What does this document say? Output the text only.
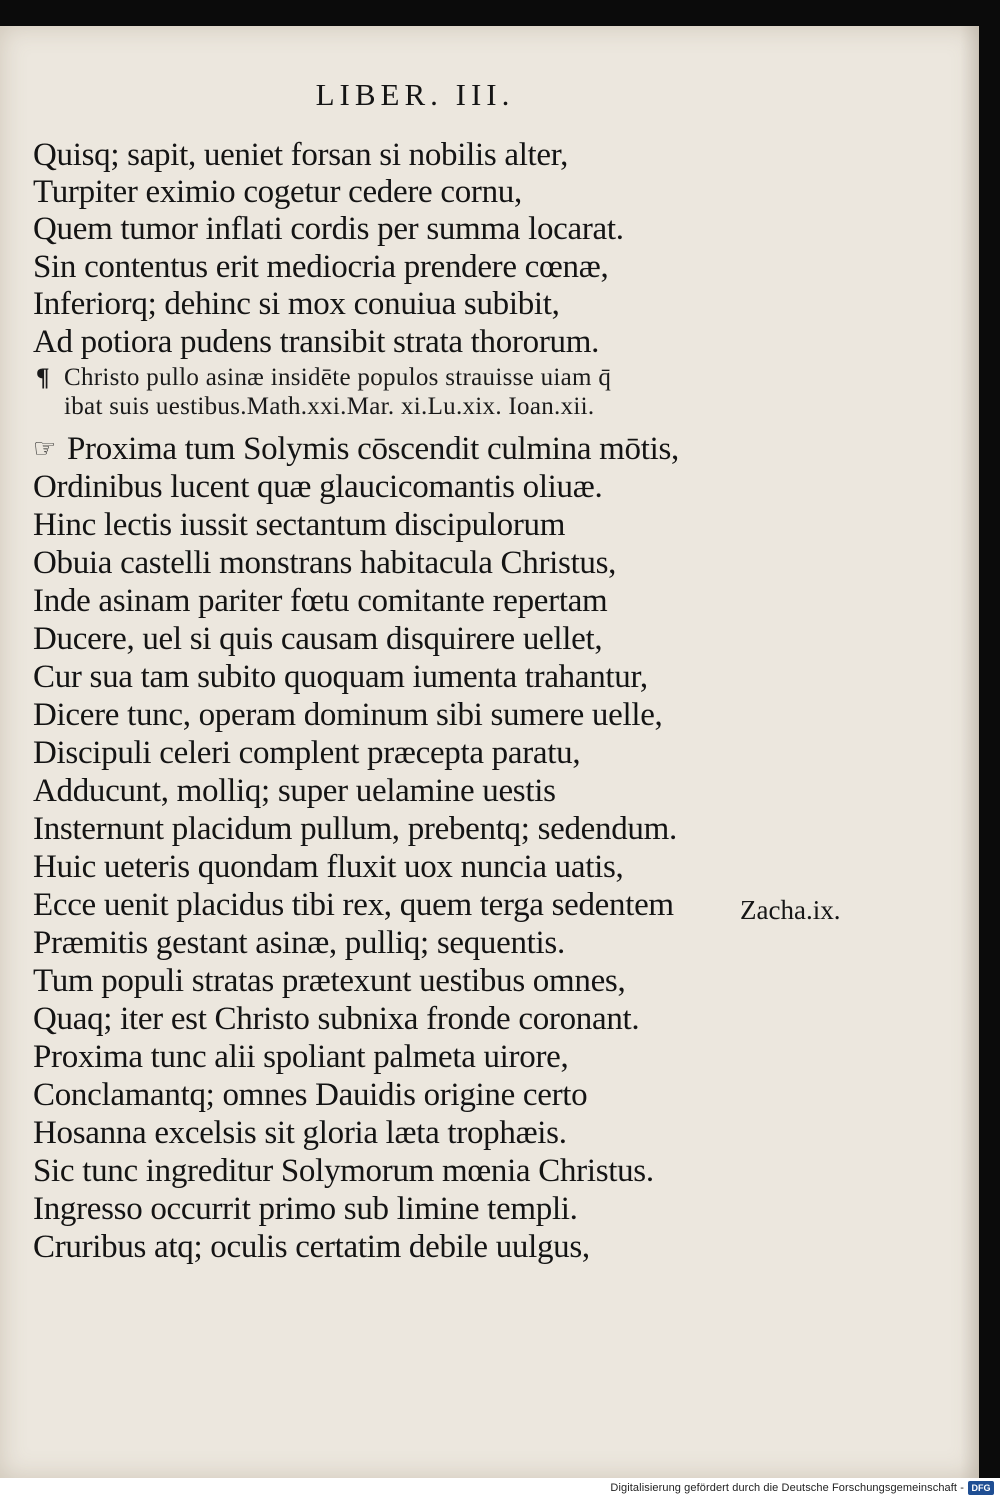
LIBER. III.
Quisq; sapit, ueniet forsan si nobilis alter,
Turpiter eximio cogetur cedere cornu,
Quem tumor inflati cordis per summa locarat.
Sin contentus erit mediocria prendere cœnæ,
Inferiorq; dehinc si mox conuiua subibit,
Ad potiora pudens transibit strata thororum.
¶ Christo pullo asinæ insidēte populos strauisse uiam q̄
ibat suis uestibus.Math.xxi.Mar. xi.Lu.xix. Ioan.xii.
☞ Proxima tum Solymis cōscendit culmina mōtis,
Ordinibus lucent quæ glaucicomantis oliuæ.
Hinc lectis iussit sectantum discipulorum
Obuia castelli monstrans habitacula Christus,
Inde asinam pariter fœtu comitante repertam
Ducere, uel si quis causam disquirere uellet,
Cur sua tam subito quoquam iumenta trahantur,
Dicere tunc, operam dominum sibi sumere uelle,
Discipuli celeri complent præcepta paratu,
Adducunt, molliq; super uelamine uestis
Insternunt placidum pullum, prebentq; sedendum.
Huic ueteris quondam fluxit uox nuncia uatis,
Ecce uenit placidus tibi rex, quem terga sedentem
Præmitis gestant asinæ, pulliq; sequentis.
Tum populi stratas prætexunt uestibus omnes,
Quaq; iter est Christo subnixa fronde coronant.
Proxima tunc alii spoliant palmeta uirore,
Conclamantq; omnes Dauidis origine certo
Hosanna excelsis sit gloria læta trophæis.
Sic tunc ingreditur Solymorum mœnia Christus.
Ingresso occurrit primo sub limine templi.
Cruribus atq; oculis certatim debile uulgus,
Zacha.ix.
Digitalisierung gefördert durch die Deutsche Forschungsgemeinschaft - DFG
